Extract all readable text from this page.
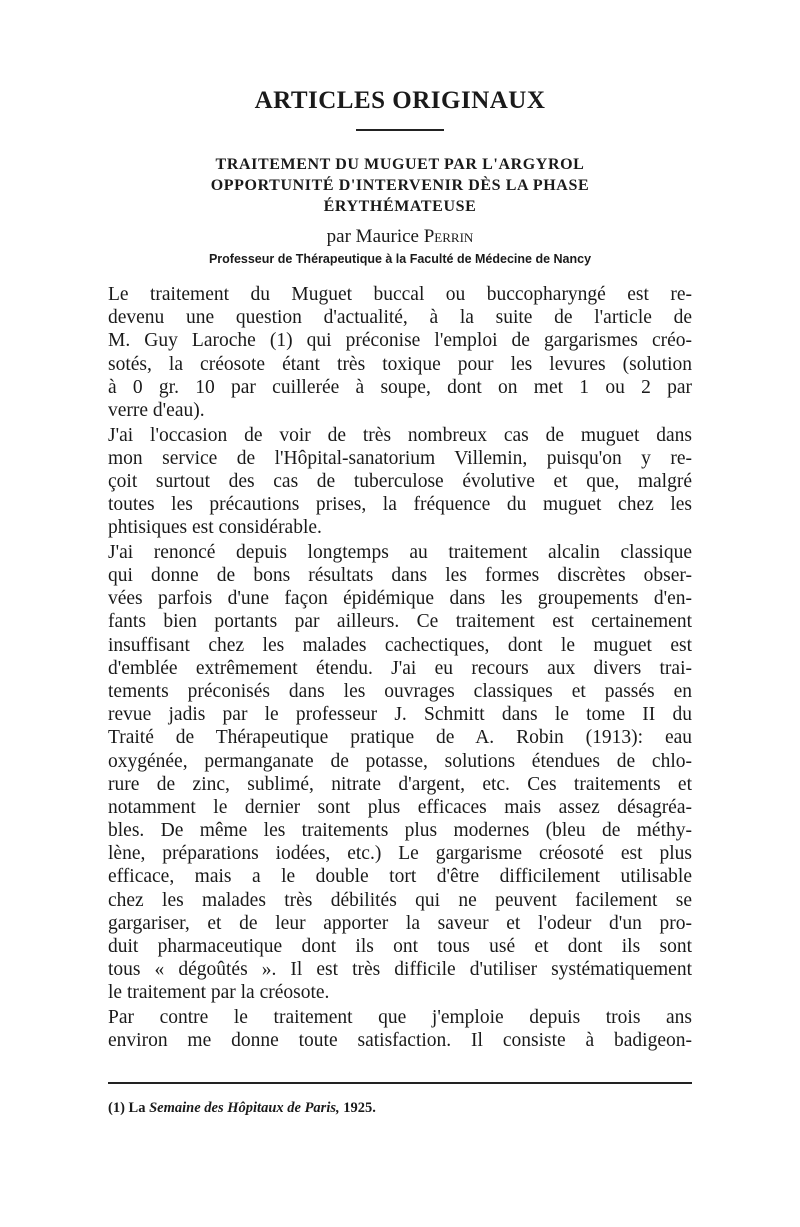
ARTICLES ORIGINAUX
TRAITEMENT DU MUGUET PAR L'ARGYROL
OPPORTUNITÉ D'INTERVENIR DÈS LA PHASE
ÉRYTHÉMATEUSE
par Maurice Perrin
Professeur de Thérapeutique à la Faculté de Médecine de Nancy
Le traitement du Muguet buccal ou buccopharyngé est re-
devenu une question d'actualité, à la suite de l'article de
M. Guy Laroche (1) qui préconise l'emploi de gargarismes créo-
sotés, la créosote étant très toxique pour les levures (solution
à 0 gr. 10 par cuillerée à soupe, dont on met 1 ou 2 par
verre d'eau).
J'ai l'occasion de voir de très nombreux cas de muguet dans
mon service de l'Hôpital-sanatorium Villemin, puisqu'on y re-
çoit surtout des cas de tuberculose évolutive et que, malgré
toutes les précautions prises, la fréquence du muguet chez les
phtisiques est considérable.
J'ai renoncé depuis longtemps au traitement alcalin classique
qui donne de bons résultats dans les formes discrètes obser-
vées parfois d'une façon épidémique dans les groupements d'en-
fants bien portants par ailleurs. Ce traitement est certainement
insuffisant chez les malades cachectiques, dont le muguet est
d'emblée extrêmement étendu. J'ai eu recours aux divers trai-
tements préconisés dans les ouvrages classiques et passés en
revue jadis par le professeur J. Schmitt dans le tome II du
Traité de Thérapeutique pratique de A. Robin (1913): eau
oxygénée, permanganate de potasse, solutions étendues de chlo-
rure de zinc, sublimé, nitrate d'argent, etc. Ces traitements et
notamment le dernier sont plus efficaces mais assez désagréa-
bles. De même les traitements plus modernes (bleu de méthy-
lène, préparations iodées, etc.) Le gargarisme créosoté est plus
efficace, mais a le double tort d'être difficilement utilisable
chez les malades très débilités qui ne peuvent facilement se
gargariser, et de leur apporter la saveur et l'odeur d'un pro-
duit pharmaceutique dont ils ont tous usé et dont ils sont
tous « dégoûtés ». Il est très difficile d'utiliser systématiquement
le traitement par la créosote.
Par contre le traitement que j'emploie depuis trois ans
environ me donne toute satisfaction. Il consiste à badigeon-
(1) La Semaine des Hôpitaux de Paris, 1925.
